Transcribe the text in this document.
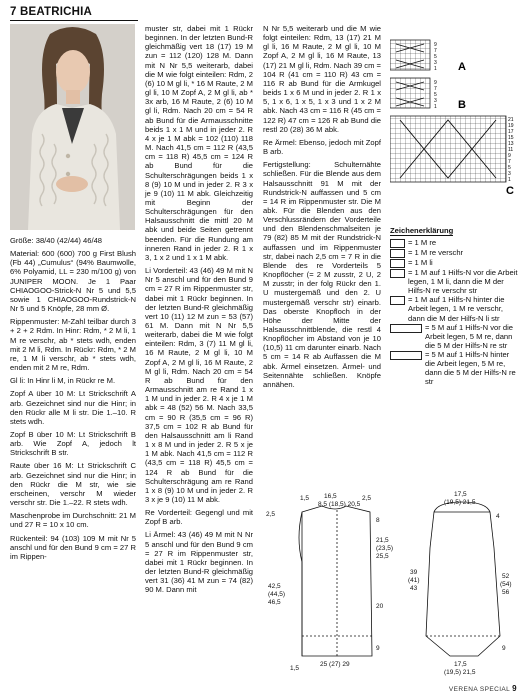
7 BEATRICHIA

Größe: 38/40 (42/44) 46/48

Material: 600 (600) 700 g First Blush (Fb 44) „Cumulus“ (94% Baumwolle, 6% Polyamid, LL = 230 m/100 g) von JUNIPER MOON. Je 1 Paar CHIAOGOO-Strick-N Nr 5 und 5,5 sowie 1 CHIAOGOO-Rundstrick-N Nr 5 und 5 Knöpfe, 28 mm Ø.

Rippenmuster: M-Zahl teilbar durch 3 + 2 + 2 Rdm. In Hinr: Rdm, * 2 M li, 1 M re verschr, ab * stets wdh, enden mit 2 M li, Rdm. In Rückr: Rdm, * 2 M re, 1 M li verschr, ab * stets wdh, enden mit 2 M re, Rdm.

Gl li: In Hinr li M, in Rückr re M.

Zopf A über 10 M: Lt Strickschrift A arb. Gezeichnet sind nur die Hinr; in den Rückr alle M li str. Die 1.–10. R stets wdh.

Zopf B über 10 M: Lt Strickschrift B arb. Wie Zopf A, jedoch lt Strickschrift B str.

Raute über 16 M: Lt Strickschrift C arb. Gezeichnet sind nur die Hinr; in den Rückr die M str, wie sie erscheinen, verschr M wieder verschr str. Die 1.–22. R stets wdh.

Maschenprobe im Durchschnitt: 21 M und 27 R = 10 x 10 cm.

Rückenteil: 94 (103) 109 M mit Nr 5 anschl und für den Bund 9 cm = 27 R im Rippen-

muster str, dabei mit 1 Rückr beginnen. In der letzten Bund-R gleichmäßig vert 18 (17) 19 M zun = 112 (120) 128 M. Dann mit N Nr 5,5 weiterarb, dabei die M wie folgt einteilen: Rdm, 2 (6) 10 M gl li, * 16 M Raute, 2 M gl li, 10 M Zopf A, 2 M gl li, ab * 3x arb, 16 M Raute, 2 (6) 10 M gl li, Rdm. Nach 20 cm = 54 R ab Bund für die Armausschnitte beids 1 x 1 M und in jeder 2. R 4 x je 1 M abk = 102 (110) 118 M. Nach 41,5 cm = 112 R (43,5 cm = 118 R) 45,5 cm = 124 R ab Bund für die Schulterschrägungen beids 1 x 8 (9) 10 M und in jeder 2. R 3 x je 9 (10) 11 M abk. Gleichzeitig mit Beginn der Schulterschrägungen für den Halsausschnitt die mittl 20 M abk und beide Seiten getrennt beenden. Für die Rundung am inneren Rand in jeder 2. R 1 x 3, 1 x 2 und 1 x 1 M abk.

Li Vorderteil: 43 (46) 49 M mit N Nr 5 anschl und für den Bund 9 cm = 27 R im Rippenmuster str, dabei mit 1 Rückr beginnen. In der letzten Bund-R gleichmäßig vert 10 (11) 12 M zun = 53 (57) 61 M. Dann mit N Nr 5,5 weiterarb, dabei die M wie folgt einteilen: Rdm, 3 (7) 11 M gl li, 16 M Raute, 2 M gl li, 10 M Zopf A, 2 M gl li, 16 M Raute, 2 M gl li, Rdm. Nach 20 cm = 54 R ab Bund für den Armausschnitt am re Rand 1 x 1 M und in jeder 2. R 4 x je 1 M abk = 48 (52) 56 M. Nach 33,5 cm = 90 R (35,5 cm = 96 R) 37,5 cm = 102 R ab Bund für den Halsausschnitt am li Rand 1 x 8 M und in jeder 2. R 5 x je 1 M abk. Nach 41,5 cm = 112 R (43,5 cm = 118 R) 45,5 cm = 124 R ab Bund für die Schulterschrägung am re Rand 1 x 8 (9) 10 M und in jeder 2. R 3 x je 9 (10) 11 M abk.

Re Vorderteil: Gegengl und mit Zopf B arb.

Li Ärmel: 43 (46) 49 M mit N Nr 5 anschl und für den Bund 9 cm = 27 R im Rippenmuster str, dabei mit 1 Rückr beginnen. In der letzten Bund-R gleichmäßig vert 31 (36) 41 M zun = 74 (82) 90 M. Dann mit

N Nr 5,5 weiterarb und die M wie folgt einteilen: Rdm, 13 (17) 21 M gl li, 16 M Raute, 2 M gl li, 10 M Zopf A, 2 M gl li, 16 M Raute, 13 (17) 21 M gl li, Rdm. Nach 39 cm = 104 R (41 cm = 110 R) 43 cm = 116 R ab Bund für die Armkugel beids 1 x 6 M und in jeder 2. R 1 x 5, 1 x 6, 1 x 5, 1 x 3 und 1 x 2 M abk. Nach 43 cm = 116 R (45 cm = 122 R) 47 cm = 126 R ab Bund die restl 20 (28) 36 M abk.

Re Ärmel: Ebenso, jedoch mit Zopf B arb.

Fertigstellung: Schulternähte schließen. Für die Blende aus dem Halsausschnitt 91 M mit der Rundstrick-N auffassen und 5 cm = 14 R im Rippenmuster str. Die M abk. Für die Blenden aus den Verschlussrändern der Vorderteile und den Blendenschmalseiten je 79 (82) 85 M mit der Rundstrick-N auffassen und im Rippenmuster str, dabei nach 2,5 cm = 7 R in die Blende des re Vorderteils 5 Knopflöcher (= 2 M zusstr, 2 U, 2 M zusstr; in der folg Rückr den 1. U mustergemäß und den 2. U mustergemäß verschr str) einarb. Das oberste Knopfloch in der Höhe der Mitte der Halsausschnittblende, die restl 4 Knopflöcher im Abstand von je 10 (10,5) 11 cm darunter einarb. Nach 5 cm = 14 R ab Auffassen die M abk. Ärmel einsetzen. Ärmel- und Seitennähte schließen. Knöpfe annähen.

9
7
5
3
1 A
9
7
5
3
1 B
21
19
17
15
13
11
9
7
5
3
1
C
Zeichenerklärung
= 1 M re
= 1 M re verschr
= 1 M li
= 1 M auf 1 Hilfs-N vor die Arbeit legen, 1 M li, dann die M der Hilfs-N re verschr str
= 1 M auf 1 Hilfs-N hinter die Arbeit legen, 1 M re verschr, dann die M der Hilfs-N li str
= 5 M auf 1 Hilfs-N vor die Arbeit legen, 5 M re, dann die 5 M der Hilfs-N re str
= 5 M auf 1 Hilfs-N hinter die Arbeit legen, 5 M re, dann die 5 M der Hilfs-N re str
1,5 16,5
8,5 (18,5) 20,5
2,5
2,5
8
21,5
(23,5)
25,5
42,5
(44,5)
46,5
20
9
1,5
25 (27) 29
17,5
(19,5) 21,5
4
39
(41)
43
52
(54)
56
9
17,5
(19,5) 21,5
VERENA SPECIAL 9
